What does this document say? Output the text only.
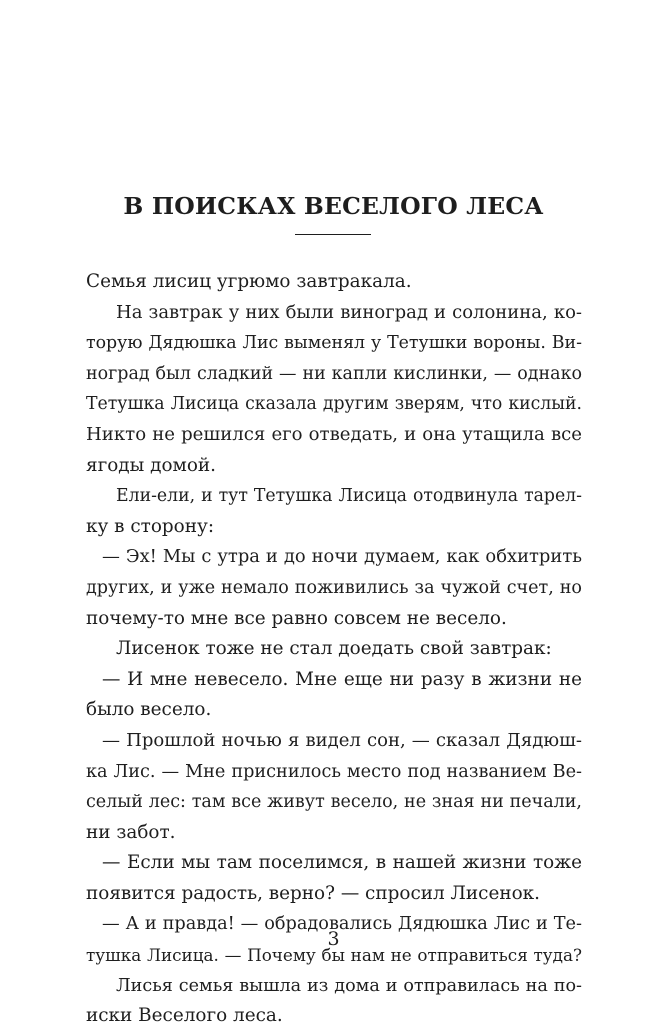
В ПОИСКАХ ВЕСЕЛОГО ЛЕСА
Семья лисиц угрюмо завтракала.
На завтрак у них были виноград и солонина, ко-
торую Дядюшка Лис выменял у Тетушки вороны. Ви-
ноград был сладкий — ни капли кислинки, — однако
Тетушка Лисица сказала другим зверям, что кислый.
Никто не решился его отведать, и она утащила все
ягоды домой.
Ели-ели, и тут Тетушка Лисица отодвинула тарел-
ку в сторону:
— Эх! Мы с утра и до ночи думаем, как обхитрить
других, и уже немало поживились за чужой счет, но
почему-то мне все равно совсем не весело.
Лисенок тоже не стал доедать свой завтрак:
— И мне невесело. Мне еще ни разу в жизни не
было весело.
— Прошлой ночью я видел сон, — сказал Дядюш-
ка Лис. — Мне приснилось место под названием Ве-
селый лес: там все живут весело, не зная ни печали,
ни забот.
— Если мы там поселимся, в нашей жизни тоже
появится радость, верно? — спросил Лисенок.
— А и правда! — обрадовались Дядюшка Лис и Те-
тушка Лисица. — Почему бы нам не отправиться туда?
Лисья семья вышла из дома и отправилась на по-
иски Веселого леса.
3
